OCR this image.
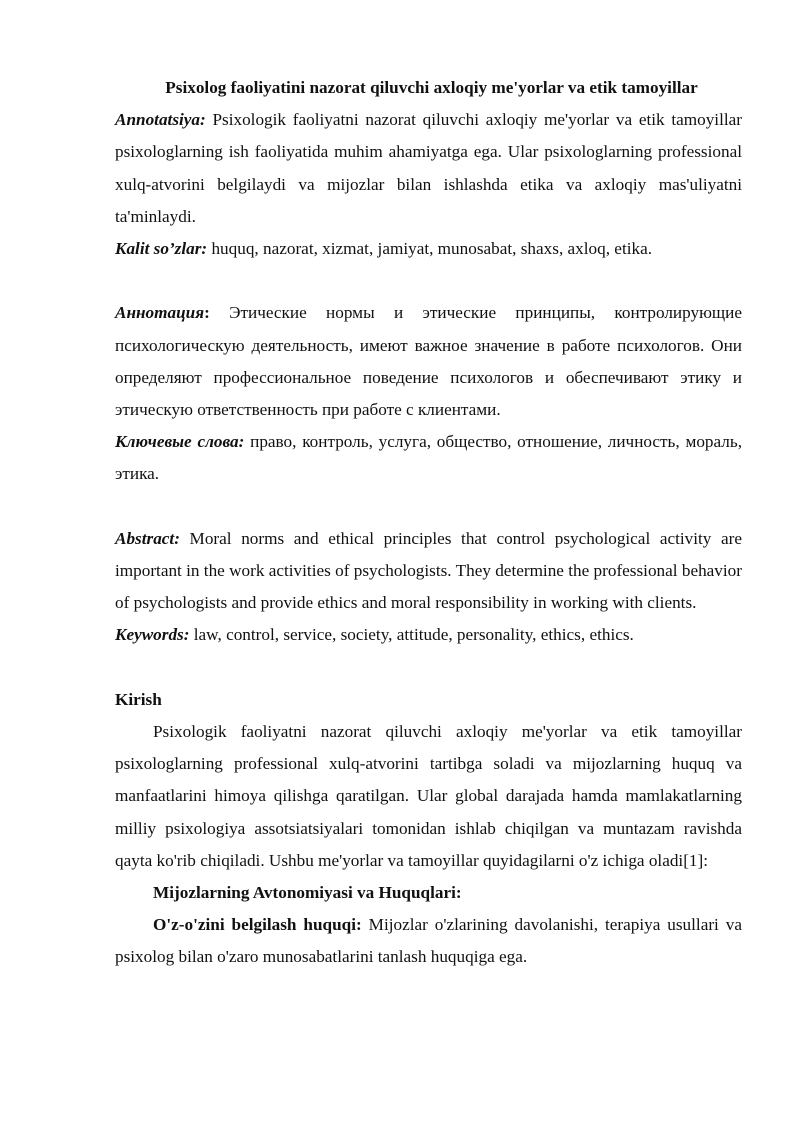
Psixolog faoliyatini nazorat qiluvchi axloqiy me'yorlar va etik tamoyillar

Annotatsiya: Psixologik faoliyatni nazorat qiluvchi axloqiy me'yorlar va etik tamoyillar psixologlarning ish faoliyatida muhim ahamiyatga ega. Ular psixologlarning professional xulq-atvorini belgilaydi va mijozlar bilan ishlashda etika va axloqiy mas'uliyatni ta'minlaydi.

Kalit so’zlar: huquq, nazorat, xizmat, jamiyat, munosabat, shaxs, axloq, etika.

Аннотация: Этические нормы и этические принципы, контролирующие психологическую деятельность, имеют важное значение в работе психологов. Они определяют профессиональное поведение психологов и обеспечивают этику и этическую ответственность при работе с клиентами.

Ключевые слова: право, контроль, услуга, общество, отношение, личность, мораль, этика.

Abstract: Moral norms and ethical principles that control psychological activity are important in the work activities of psychologists. They determine the professional behavior of psychologists and provide ethics and moral responsibility in working with clients.

Keywords: law, control, service, society, attitude, personality, ethics, ethics.

Kirish

Psixologik faoliyatni nazorat qiluvchi axloqiy me'yorlar va etik tamoyillar psixologlarning professional xulq-atvorini tartibga soladi va mijozlarning huquq va manfaatlarini himoya qilishga qaratilgan. Ular global darajada hamda mamlakatlarning milliy psixologiya assotsiatsiyalari tomonidan ishlab chiqilgan va muntazam ravishda qayta ko'rib chiqiladi. Ushbu me'yorlar va tamoyillar quyidagilarni o'z ichiga oladi[1]:

Mijozlarning Avtonomiyasi va Huquqlari:

O'z-o'zini belgilash huquqi: Mijozlar o'zlarining davolanishi, terapiya usullari va psixolog bilan o'zaro munosabatlarini tanlash huquqiga ega.
